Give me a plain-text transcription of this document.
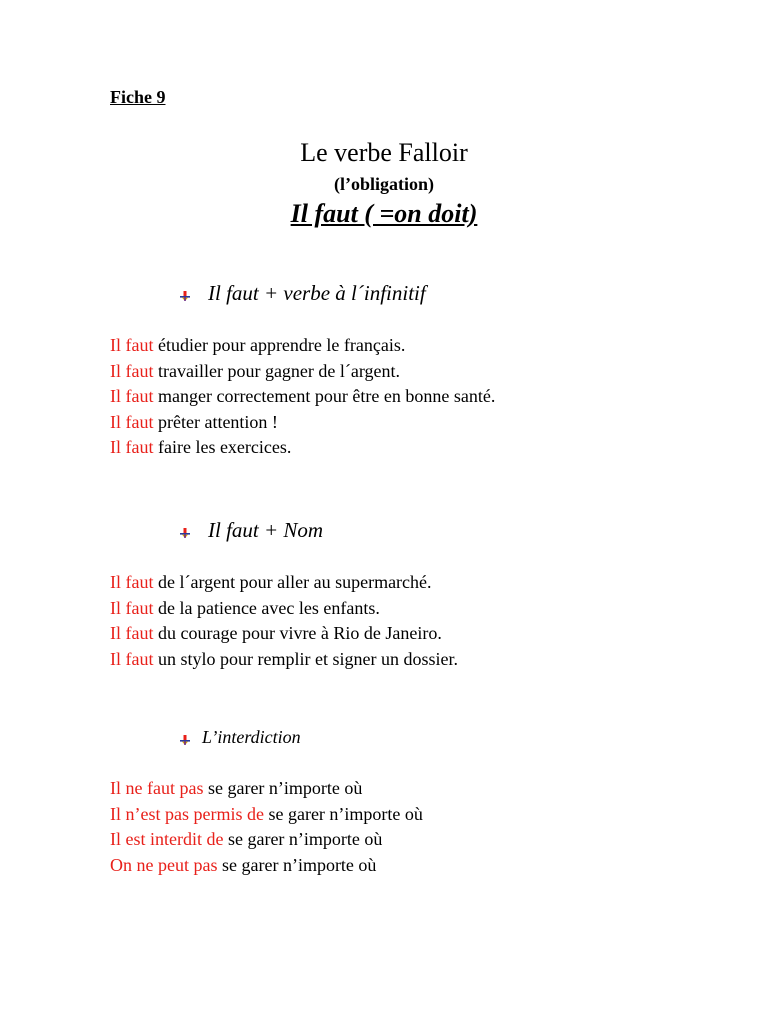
Fiche 9
Le verbe Falloir
(l’obligation)
Il faut ( =on doit)
Il faut + verbe à l´infinitif
Il faut étudier pour apprendre le français.
Il faut travailler pour gagner de l´argent.
Il faut manger correctement pour être en bonne santé.
Il faut prêter attention !
Il faut faire les exercices.
Il faut + Nom
Il faut de l´argent pour aller au supermarché.
Il faut de la patience avec les enfants.
Il faut du courage pour vivre à Rio de Janeiro.
Il faut un stylo pour remplir et signer un dossier.
L’interdiction
Il ne faut pas se garer n’importe où
Il n’est pas permis de se garer n’importe où
Il est interdit de se garer n’importe où
On ne peut pas se garer n’importe où
